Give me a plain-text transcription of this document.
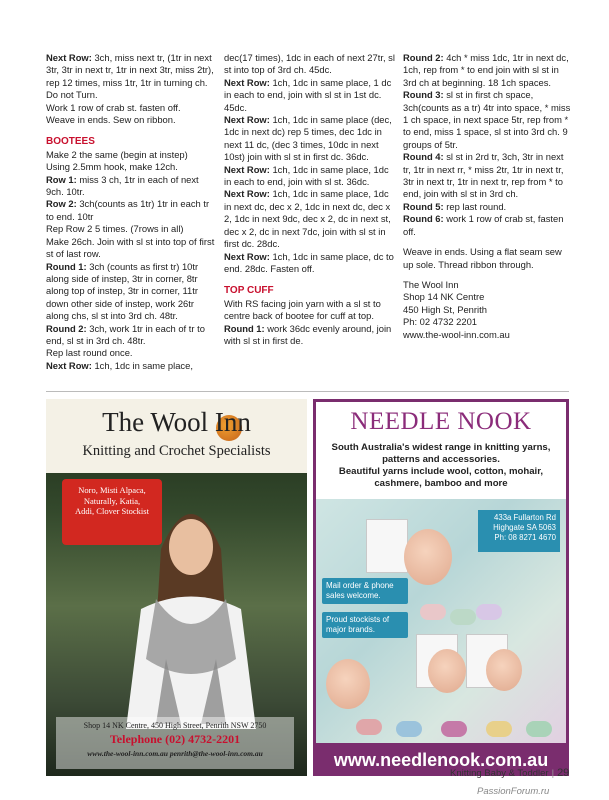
Next Row: 3ch, miss next tr, (1tr in next 3tr, 3tr in next tr, 1tr in next 3tr, miss 2tr), rep 12 times, miss 1tr, 1tr in turning ch. Do not Turn.

Work 1 row of crab st. fasten off.

Weave in ends. Sew on ribbon.

BOOTEES

Make 2 the same (begin at instep)

Using 2.5mm hook, make 12ch.

Row 1: miss 3 ch, 1tr in each of next 9ch. 10tr.

Row 2: 3ch(counts as 1tr) 1tr in each tr to end. 10tr

Rep Row 2 5 times. (7rows in all)

Make 26ch. Join with sl st into top of first st of last row.

Round 1: 3ch (counts as first tr) 10tr along side of instep, 3tr in corner, 8tr along top of instep, 3tr in corner, 11tr down other side of instep, work 26tr along chs, sl st into 3rd ch. 48tr.

Round 2: 3ch, work 1tr in each of tr to end, sl st in 3rd ch. 48tr.

Rep last round once.

Next Row: 1ch, 1dc in same place,

dec(17 times), 1dc in each of next 27tr, sl st into top of 3rd ch. 45dc.

Next Row: 1ch, 1dc in same place, 1 dc in each to end, join with sl st in 1st dc. 45dc.

Next Row: 1ch, 1dc in same place (dec, 1dc in next dc) rep 5 times, dec 1dc in next 11 dc, (dec 3 times, 10dc in next 10st) join with sl st in first dc. 36dc.

Next Row: 1ch, 1dc in same place, 1dc in each to end, join with sl st. 36dc.

Next Row: 1ch, 1dc in same place, 1dc in next dc, dec x 2, 1dc in next dc, dec x 2, 1dc in next 9dc, dec x 2, dc in next st, dec x 2, dc in next 7dc, join with sl st in first dc. 28dc.

Next Row: 1ch, 1dc in same place, dc to end. 28dc. Fasten off.

TOP CUFF

With RS facing join yarn with a sl st to centre back of bootee for cuff at top.

Round 1: work 36dc evenly around, join with sl st in first de.

Round 2: 4ch * miss 1dc, 1tr in next dc, 1ch, rep from * to end join with sl st in 3rd ch at beginning. 18 1ch spaces.

Round 3: sl st in first ch space, 3ch(counts as a tr) 4tr into space, * miss 1 ch space, in next space 5tr, rep from * to end, miss 1 space, sl st into 3rd ch. 9 groups of 5tr.

Round 4: sl st in 2rd tr, 3ch, 3tr in next tr, 1tr in next rr, * miss 2tr, 1tr in next tr, 3tr in next tr, 1tr in next tr, rep from * to end, join with sl st in 3rd ch.

Round 5: rep last round.

Round 6: work 1 row of crab st, fasten off.

Weave in ends. Using a flat seam sew up sole. Thread ribbon through.

The Wool Inn

Shop 14 NK Centre

450 High St, Penrith

Ph: 02 4732 2201

www.the-wool-inn.com.au

The Wool Inn
Knitting and Crochet Specialists
Noro, Misti Alpaca,
Naturally, Katia,
Addi, Clover Stockist
Shop 14 NK Centre, 450 High Street, Penrith NSW 2750
Telephone (02) 4732-2201
www.the-wool-inn.com.au penrith@the-wool-inn.com.au
NEEDLE NOOK
South Australia's widest range in knitting yarns,
patterns and accessories.
Beautiful yarns include wool, cotton, mohair,
cashmere, bamboo and more
433a Fullarton Rd
Highgate SA 5063
Ph: 08 8271 4670
Mail order & phone
sales welcome.
Proud stockists of
major brands.
www.needlenook.com.au
Knitting Baby & Toddler | 29
PassionForum.ru
